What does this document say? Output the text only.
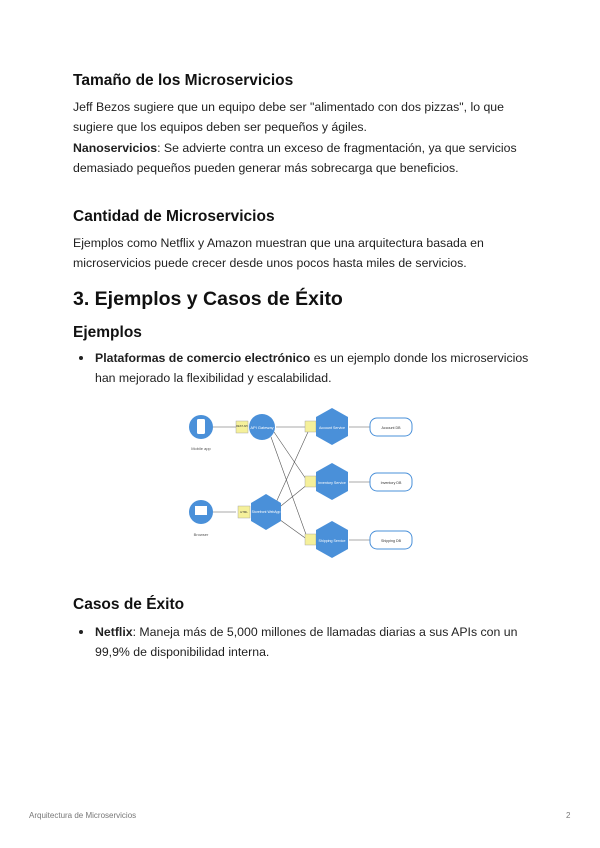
Tamaño de los Microservicios

Jeff Bezos sugiere que un equipo debe ser "alimentado con dos pizzas", lo que sugiere que los equipos deben ser pequeños y ágiles.

Nanoservicios: Se advierte contra un exceso de fragmentación, ya que servicios demasiado pequeños pueden generar más sobrecarga que beneficios.

Cantidad de Microservicios

Ejemplos como Netflix y Amazon muestran que una arquitectura basada en microservicios puede crecer desde unos pocos hasta miles de servicios.

3. Ejemplos y Casos de Éxito
Ejemplos
Plataformas de comercio electrónico es un ejemplo donde los microservicios han mejorado la flexibilidad y escalabilidad.
Casos de Éxito
Netflix: Maneja más de 5,000 millones de llamadas diarias a sus APIs con un 99,9% de disponibilidad interna.
Mobile app
Browser
REST API
HTML
API Gateway
Storefront WebApp
Account Service
Inventory Service
Shipping Service
Account DB
Inventory DB
Shipping DB
Arquitectura de Microservicios	2
